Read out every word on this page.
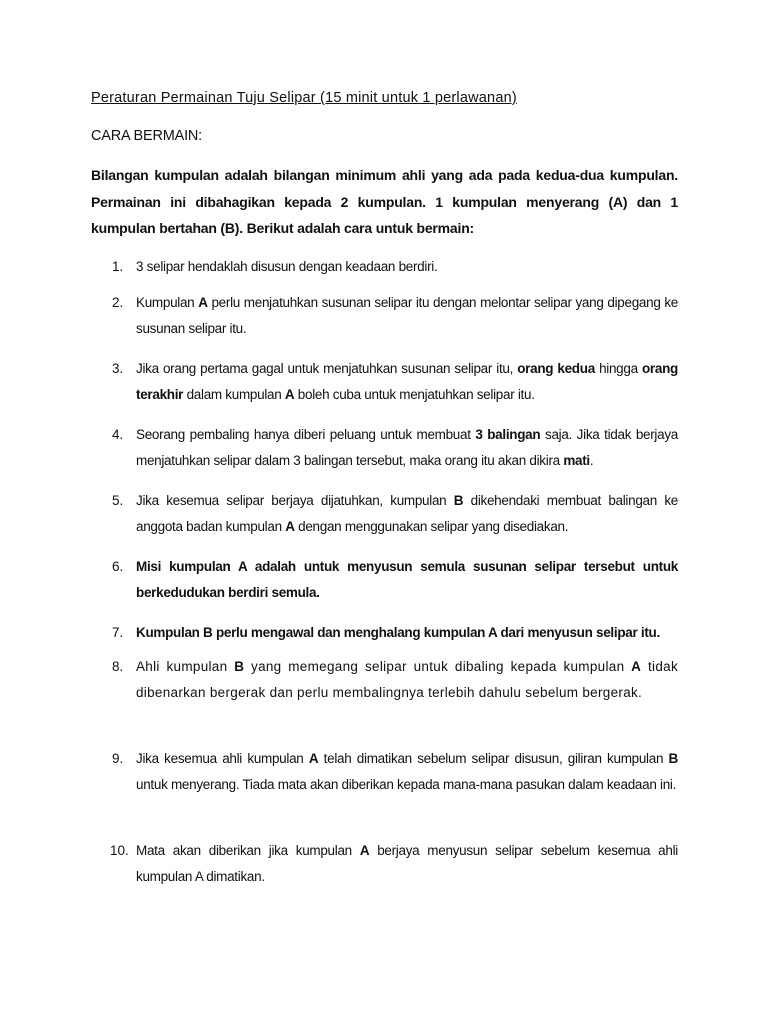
Peraturan Permainan Tuju Selipar (15 minit untuk 1 perlawanan)
CARA BERMAIN:
Bilangan kumpulan adalah bilangan minimum ahli yang ada pada kedua-dua kumpulan. Permainan ini dibahagikan kepada 2 kumpulan. 1 kumpulan menyerang (A) dan 1 kumpulan bertahan (B). Berikut adalah cara untuk bermain:
1. 3 selipar hendaklah disusun dengan keadaan berdiri.
2. Kumpulan A perlu menjatuhkan susunan selipar itu dengan melontar selipar yang dipegang ke susunan selipar itu.
3. Jika orang pertama gagal untuk menjatuhkan susunan selipar itu, orang kedua hingga orang terakhir dalam kumpulan A boleh cuba untuk menjatuhkan selipar itu.
4. Seorang pembaling hanya diberi peluang untuk membuat 3 balingan saja. Jika tidak berjaya menjatuhkan selipar dalam 3 balingan tersebut, maka orang itu akan dikira mati.
5. Jika kesemua selipar berjaya dijatuhkan, kumpulan B dikehendaki membuat balingan ke anggota badan kumpulan A dengan menggunakan selipar yang disediakan.
6. Misi kumpulan A adalah untuk menyusun semula susunan selipar tersebut untuk berkedudukan berdiri semula.
7. Kumpulan B perlu mengawal dan menghalang kumpulan A dari menyusun selipar itu.
8. Ahli kumpulan B yang memegang selipar untuk dibaling kepada kumpulan A tidak dibenarkan bergerak dan perlu membalingnya terlebih dahulu sebelum bergerak.
9. Jika kesemua ahli kumpulan A telah dimatikan sebelum selipar disusun, giliran kumpulan B untuk menyerang. Tiada mata akan diberikan kepada mana-mana pasukan dalam keadaan ini.
10. Mata akan diberikan jika kumpulan A berjaya menyusun selipar sebelum kesemua ahli kumpulan A dimatikan.
